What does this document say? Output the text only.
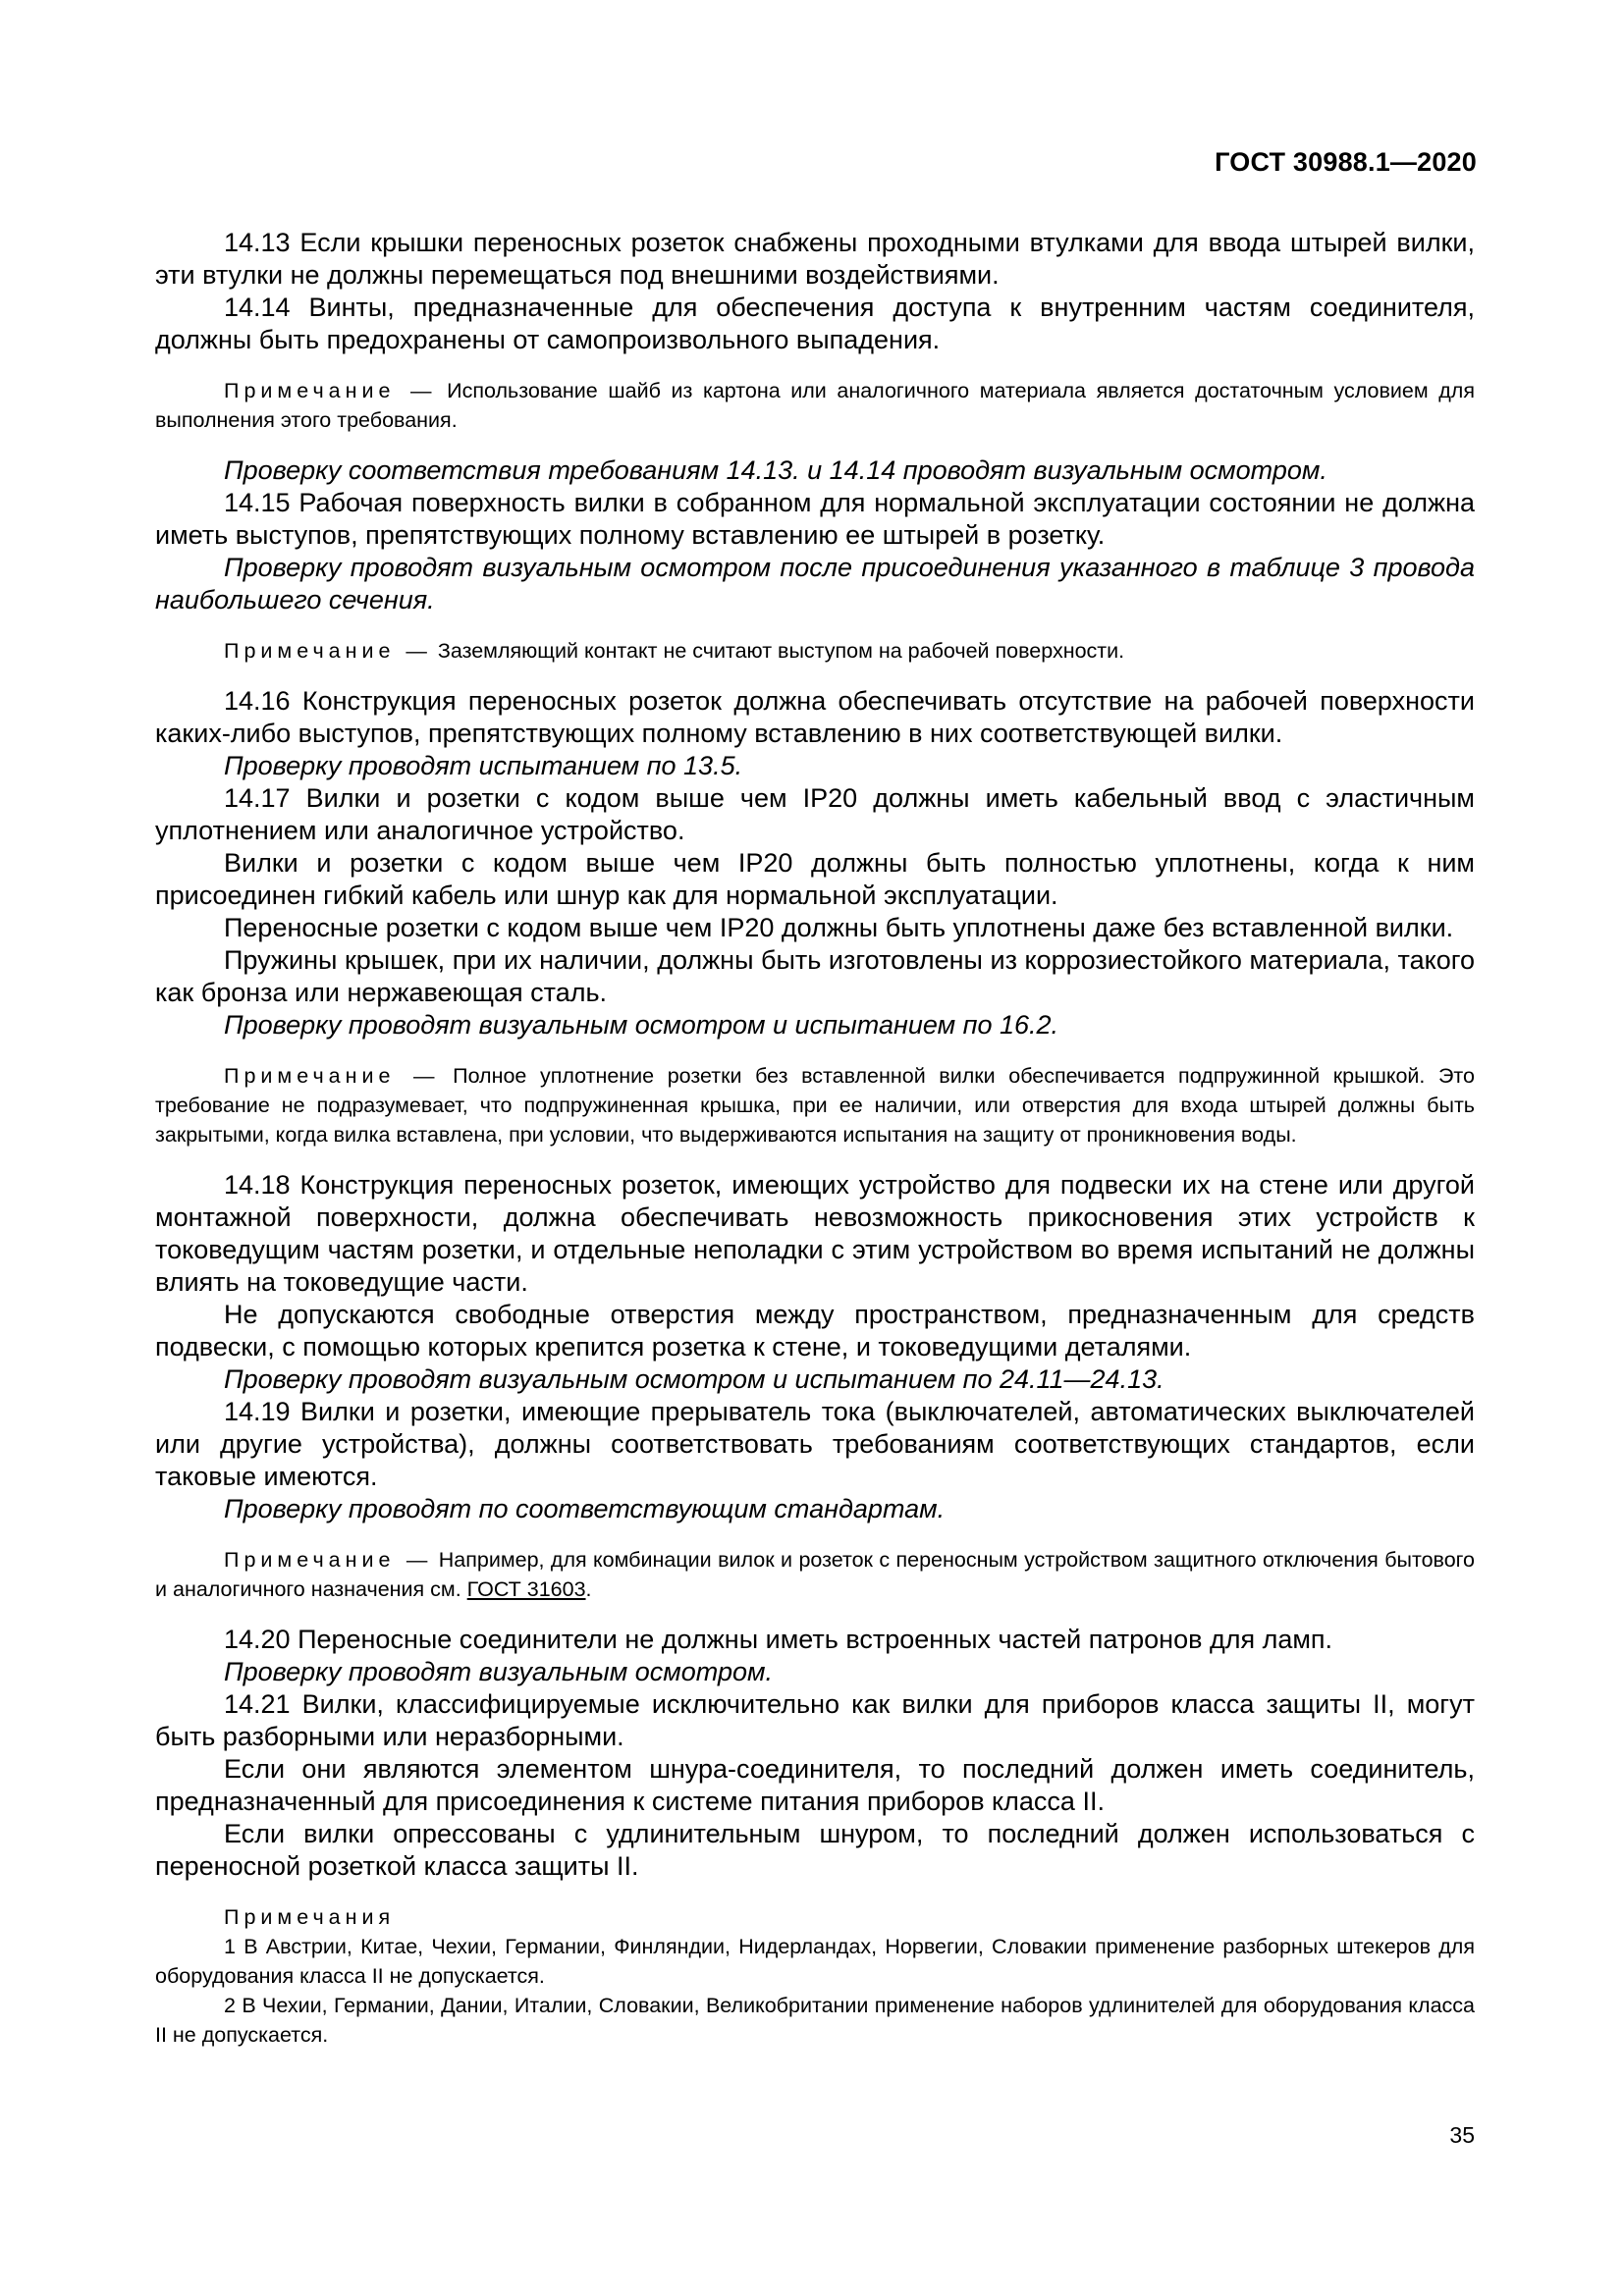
ГОСТ 30988.1—2020

14.13 Если крышки переносных розеток снабжены проходными втулками для ввода штырей вилки, эти втулки не должны перемещаться под внешними воздействиями.

14.14 Винты, предназначенные для обеспечения доступа к внутренним частям соединителя, должны быть предохранены от самопроизвольного выпадения.

Примечание — Использование шайб из картона или аналогичного материала является достаточным условием для выполнения этого требования.

Проверку соответствия требованиям 14.13. и 14.14 проводят визуальным осмотром.

14.15 Рабочая поверхность вилки в собранном для нормальной эксплуатации состоянии не должна иметь выступов, препятствующих полному вставлению ее штырей в розетку.

Проверку проводят визуальным осмотром после присоединения указанного в таблице 3 провода наибольшего сечения.

Примечание — Заземляющий контакт не считают выступом на рабочей поверхности.

14.16 Конструкция переносных розеток должна обеспечивать отсутствие на рабочей поверхности каких-либо выступов, препятствующих полному вставлению в них соответствующей вилки.

Проверку проводят испытанием по 13.5.

14.17 Вилки и розетки с кодом выше чем IP20 должны иметь кабельный ввод с эластичным уплотнением или аналогичное устройство.

Вилки и розетки с кодом выше чем IP20 должны быть полностью уплотнены, когда к ним присоединен гибкий кабель или шнур как для нормальной эксплуатации.

Переносные розетки с кодом выше чем IP20 должны быть уплотнены даже без вставленной вилки.

Пружины крышек, при их наличии, должны быть изготовлены из коррозиестойкого материала, такого как бронза или нержавеющая сталь.

Проверку проводят визуальным осмотром и испытанием по 16.2.

Примечание — Полное уплотнение розетки без вставленной вилки обеспечивается подпружинной крышкой. Это требование не подразумевает, что подпружиненная крышка, при ее наличии, или отверстия для входа штырей должны быть закрытыми, когда вилка вставлена, при условии, что выдерживаются испытания на защиту от проникновения воды.

14.18 Конструкция переносных розеток, имеющих устройство для подвески их на стене или другой монтажной поверхности, должна обеспечивать невозможность прикосновения этих устройств к токоведущим частям розетки, и отдельные неполадки с этим устройством во время испытаний не должны влиять на токоведущие части.

Не допускаются свободные отверстия между пространством, предназначенным для средств подвески, с помощью которых крепится розетка к стене, и токоведущими деталями.

Проверку проводят визуальным осмотром и испытанием по 24.11—24.13.

14.19 Вилки и розетки, имеющие прерыватель тока (выключателей, автоматических выключателей или другие устройства), должны соответствовать требованиям соответствующих стандартов, если таковые имеются.

Проверку проводят по соответствующим стандартам.

Примечание — Например, для комбинации вилок и розеток с переносным устройством защитного отключения бытового и аналогичного назначения см. ГОСТ 31603.

14.20 Переносные соединители не должны иметь встроенных частей патронов для ламп.

Проверку проводят визуальным осмотром.

14.21 Вилки, классифицируемые исключительно как вилки для приборов класса защиты II, могут быть разборными или неразборными.

Если они являются элементом шнура-соединителя, то последний должен иметь соединитель, предназначенный для присоединения к системе питания приборов класса II.

Если вилки опрессованы с удлинительным шнуром, то последний должен использоваться с переносной розеткой класса защиты II.

Примечания

1 В Австрии, Китае, Чехии, Германии, Финляндии, Нидерландах, Норвегии, Словакии применение разборных штекеров для оборудования класса II не допускается.

2 В Чехии, Германии, Дании, Италии, Словакии, Великобритании применение наборов удлинителей для оборудования класса II не допускается.

35
